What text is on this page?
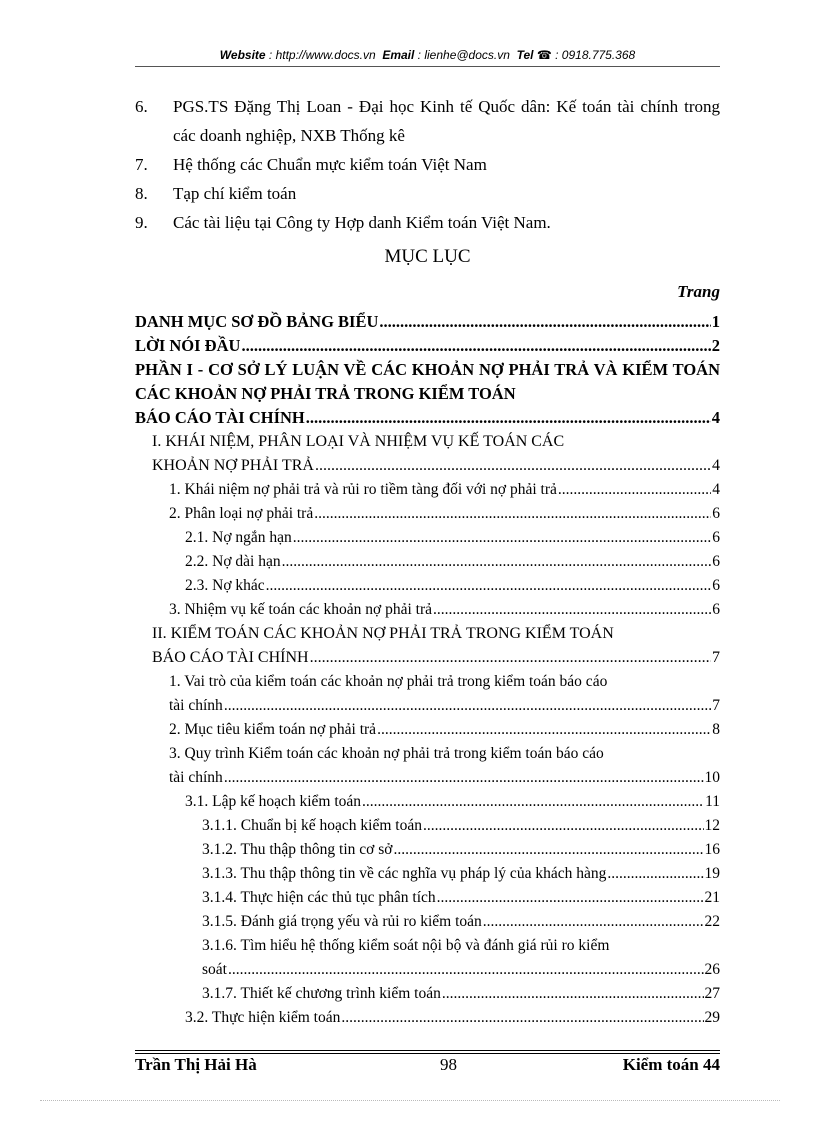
Website : http://www.docs.vn Email : lienhe@docs.vn Tel ☎ : 0918.775.368
6.	PGS.TS Đặng Thị Loan - Đại học Kinh tế Quốc dân: Kế toán tài chính trong các doanh nghiệp, NXB Thống kê
7.	Hệ thống các Chuẩn mực kiểm toán Việt Nam
8.	Tạp chí kiểm toán
9.	Các tài liệu tại Công ty Hợp danh Kiểm toán Việt Nam.
MỤC LỤC
Trang
DANH MỤC SƠ ĐỒ BẢNG BIỂU .....	1
LỜI NÓI ĐẦU .....	2
PHẦN I - CƠ SỞ LÝ LUẬN VỀ CÁC KHOẢN NỢ PHẢI TRẢ VÀ KIỂM TOÁN CÁC KHOẢN NỢ PHẢI TRẢ TRONG KIỂM TOÁN
BÁO CÁO TÀI CHÍNH .....	4
I. KHÁI NIỆM, PHÂN LOẠI VÀ NHIỆM VỤ KẾ TOÁN CÁC
KHOẢN NỢ PHẢI TRẢ .....	4
1. Khái niệm nợ phải trả và rủi ro tiềm tàng đối với nợ phải trả .....	4
2. Phân loại nợ phải trả .....	6
2.1. Nợ ngắn hạn .....	6
2.2. Nợ dài hạn .....	6
2.3. Nợ khác .....	6
3. Nhiệm vụ kế toán các khoản nợ phải trả .....	6
II. KIỂM TOÁN CÁC KHOẢN NỢ PHẢI TRẢ TRONG KIỂM TOÁN
BÁO CÁO TÀI CHÍNH .....	7
1. Vai trò của kiểm toán các khoản nợ phải trả trong kiểm toán báo cáo
tài chính .....	7
2. Mục tiêu kiểm toán nợ phải trả .....	8
3. Quy trình Kiểm toán các khoản nợ phải trả trong kiểm toán báo cáo
tài chính .....	10
3.1. Lập kế hoạch kiểm toán .....	11
3.1.1. Chuẩn bị kế hoạch kiểm toán .....	12
3.1.2. Thu thập thông tin cơ sở .....	16
3.1.3. Thu thập thông tin về các nghĩa vụ pháp lý của khách hàng .....	19
3.1.4. Thực hiện các thủ tục phân tích .....	21
3.1.5. Đánh giá trọng yếu và rủi ro kiểm toán .....	22
3.1.6. Tìm hiểu hệ thống kiểm soát nội bộ và đánh giá rủi ro kiểm
soát .....	26
3.1.7. Thiết kế chương trình kiểm toán .....	27
3.2. Thực hiện kiểm toán .....	29
Trần Thị Hải Hà	98	Kiểm toán 44
